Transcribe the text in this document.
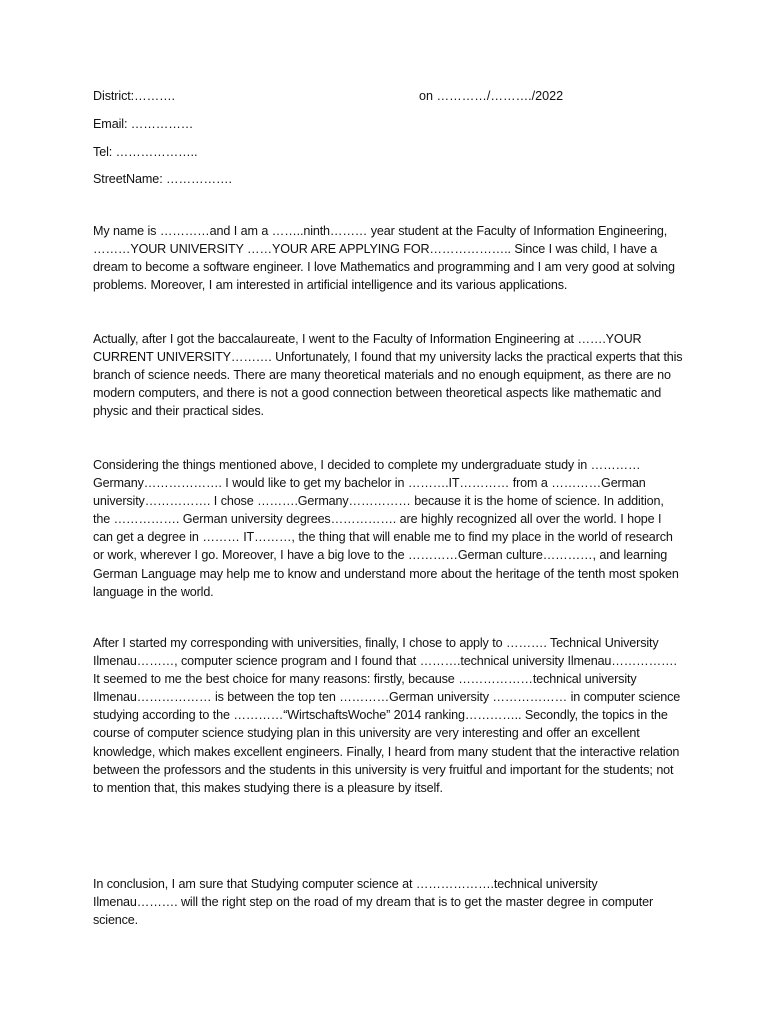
District:……….	on …………/………./2022
Email: ……………
Tel: ………………..
StreetName: …………….
My name is …………and I am a ……..ninth……… year student at the Faculty of Information Engineering, ………YOUR UNIVERSITY ……YOUR ARE APPLYING FOR……………….. Since I was child, I have a dream to become a software engineer. I love Mathematics and programming and I am very good at solving problems. Moreover, I am interested in artificial intelligence and its various applications.
Actually, after I got the baccalaureate, I went to the Faculty of Information Engineering at …….YOUR CURRENT UNIVERSITY………. Unfortunately, I found that my university lacks the practical experts that this branch of science needs. There are many theoretical materials and no enough equipment, as there are no modern computers, and there is not a good connection between theoretical aspects like mathematic and physic and their practical sides.
Considering the things mentioned above, I decided to complete my undergraduate study in …………Germany………………. I would like to get my bachelor in ……….IT………… from a …………German university……………. I chose ……….Germany…………… because it is the home of science. In addition, the ……………. German university degrees……………. are highly recognized all over the world. I hope I can get a degree in ……… IT………, the thing that will enable me to find my place in the world of research or work, wherever I go. Moreover, I have a big love to the …………German culture…………, and learning German Language may help me to know and understand more about the heritage of the tenth most spoken language in the world.
After I started my corresponding with universities, finally, I chose to apply to ………. Technical University Ilmenau………, computer science program and I found that ……….technical university Ilmenau……………. It seemed to me the best choice for many reasons: firstly, because ………………technical university Ilmenau……………… is between the top ten …………German university ……………… in computer science studying according to the …………“WirtschaftsWoche” 2014 ranking………….. Secondly, the topics in the course of computer science studying plan in this university are very interesting and offer an excellent knowledge, which makes excellent engineers. Finally, I heard from many student that the interactive relation between the professors and the students in this university is very fruitful and important for the students; not to mention that, this makes studying there is a pleasure by itself.
In conclusion, I am sure that Studying computer science at ……………….technical university Ilmenau………. will the right step on the road of my dream that is to get the master degree in computer science.
